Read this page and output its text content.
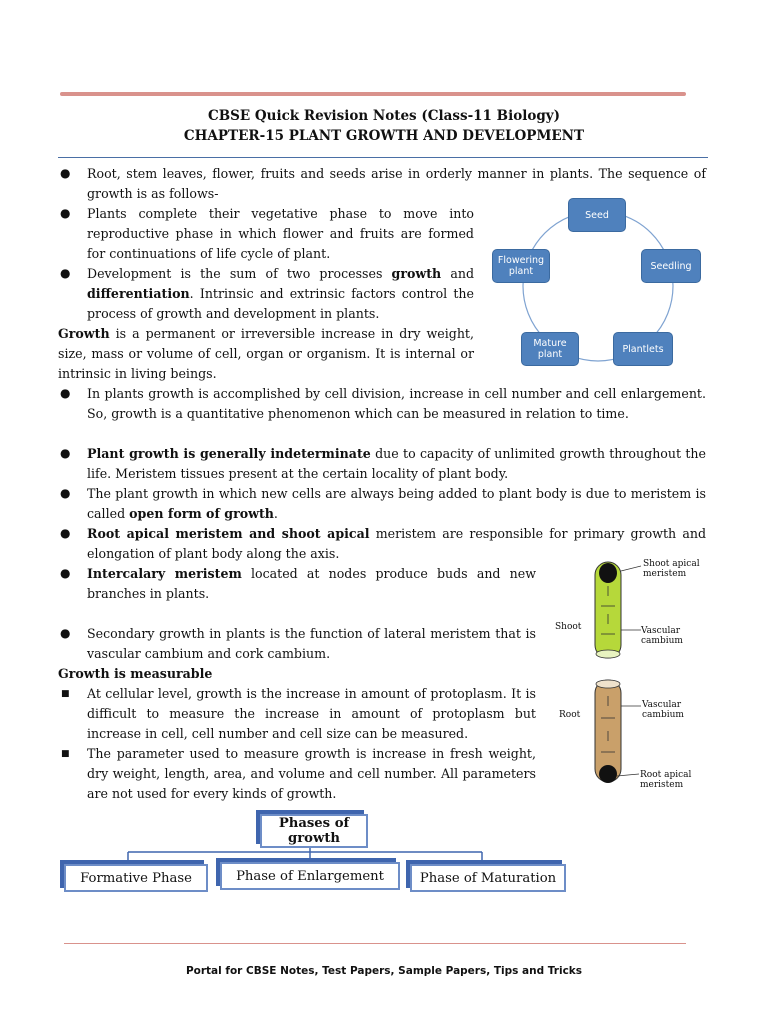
CBSE Quick Revision Notes (Class-11 Biology)
CHAPTER-15 PLANT GROWTH AND DEVELOPMENT
● Root, stem leaves, flower, fruits and seeds arise in orderly manner in plants. The sequence of growth is as follows-
● Plants complete their vegetative phase to move into reproductive phase in which flower and fruits are formed for continuations of life cycle of plant.
● Development is the sum of two processes growth and differentiation. Intrinsic and extrinsic factors control the process of growth and development in plants.
Growth is a permanent or irreversible increase in dry weight, size, mass or volume of cell, organ or organism. It is internal or intrinsic in living beings.
● In plants growth is accomplished by cell division, increase in cell number and cell enlargement. So, growth is a quantitative phenomenon which can be measured in relation to time.
● Plant growth is generally indeterminate due to capacity of unlimited growth throughout the life. Meristem tissues present at the certain locality of plant body.
● The plant growth in which new cells are always being added to plant body is due to meristem is called open form of growth.
● Root apical meristem and shoot apical meristem are responsible for primary growth and elongation of plant body along the axis.
● Intercalary meristem located at nodes produce buds and new branches in plants.
● Secondary growth in plants is the function of lateral meristem that is vascular cambium and cork cambium.
Growth is measurable
■ At cellular level, growth is the increase in amount of protoplasm. It is difficult to measure the increase in amount of protoplasm but increase in cell, cell number and cell size can be measured.
■ The parameter used to measure growth is increase in fresh weight, dry weight, length, area, and volume and cell number. All parameters are not used for every kinds of growth.
Seed
Seedling
Plantlets
Mature
plant
Flowering
plant
Shoot apical
meristem
Shoot	Vascular
cambium
Root
Vascular
cambium
Root apical
meristem
Phases of
growth
Formative Phase	Phase of Enlargement	Phase of Maturation
Portal for CBSE Notes, Test Papers, Sample Papers, Tips and Tricks
